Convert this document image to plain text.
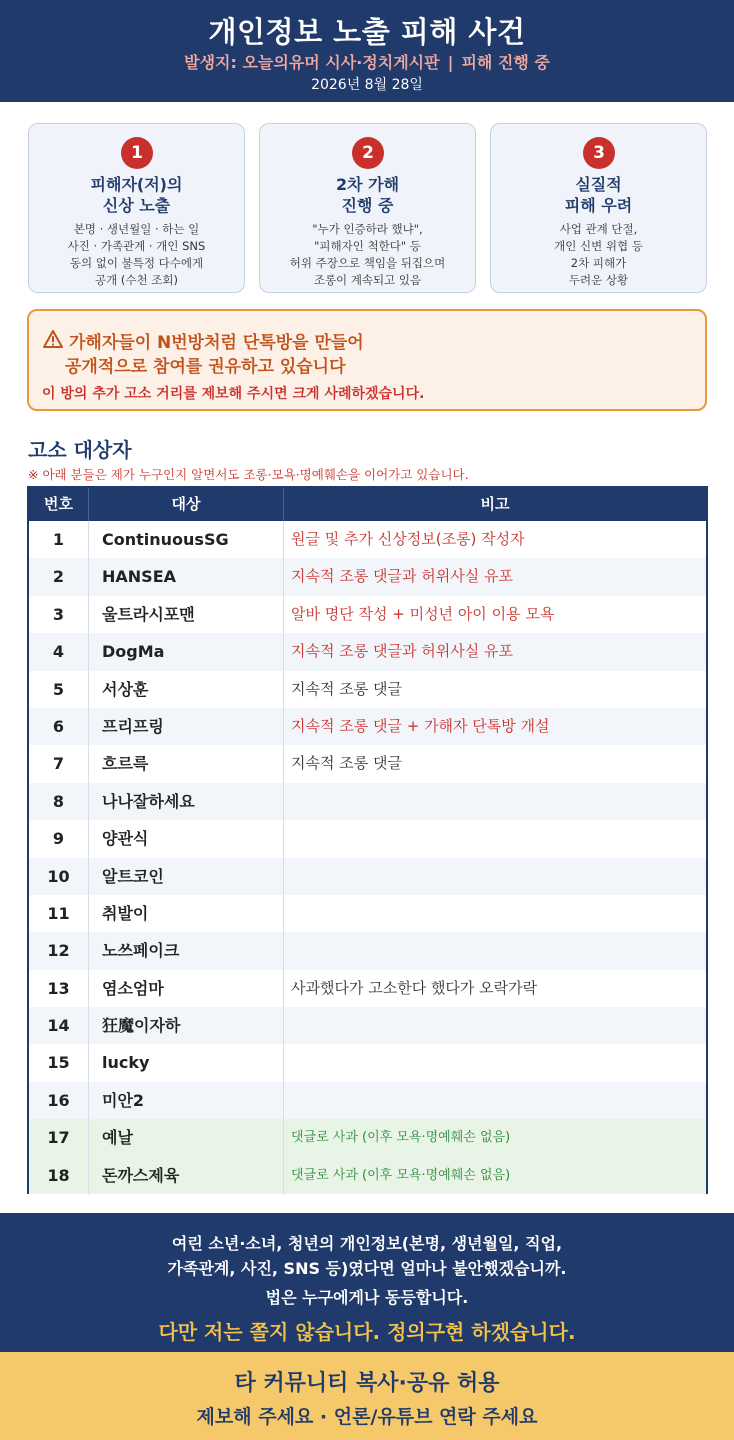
개인정보 노출 피해 사건
발생지: 오늘의유머 시사·정치게시판 | 피해 진행 중
2026년 8월 28일
1
피해자(저)의
신상 노출
본명 · 생년월일 · 하는 일
사진 · 가족관계 · 개인 SNS
동의 없이 불특정 다수에게
공개 (수천 조회)
2
2차 가해
진행 중
"누가 인증하라 했냐",
"피해자인 척한다" 등
허위 주장으로 책임을 뒤집으며
조롱이 계속되고 있음
3
실질적
피해 우려
사업 관계 단절,
개인 신변 위협 등
2차 피해가
두려운 상황
가해자들이 N번방처럼 단톡방을 만들어
공개적으로 참여를 권유하고 있습니다
이 방의 추가 고소 거리를 제보해 주시면 크게 사례하겠습니다.
고소 대상자
※ 아래 분들은 제가 누구인지 알면서도 조롱·모욕·명예훼손을 이어가고 있습니다.
번호	대상	비고
1	ContinuousSG	원글 및 추가 신상정보(조롱) 작성자
2	HANSEA	지속적 조롱 댓글과 허위사실 유포
3	울트라시포맨	알바 명단 작성 + 미성년 아이 이용 모욕
4	DogMa	지속적 조롱 댓글과 허위사실 유포
5	서상훈	지속적 조롱 댓글
6	프리프링	지속적 조롱 댓글 + 가해자 단톡방 개설
7	흐르륵	지속적 조롱 댓글
8	나나잘하세요
9	양관식
10	알트코인
11	취발이
12	노쓰페이크
13	염소엄마	사과했다가 고소한다 했다가 오락가락
14	狂魔이자하
15	lucky
16	미안2
17	예날	댓글로 사과 (이후 모욕·명예훼손 없음)
18	돈까스제육	댓글로 사과 (이후 모욕·명예훼손 없음)
여린 소년·소녀, 청년의 개인정보(본명, 생년월일, 직업,
가족관계, 사진, SNS 등)였다면 얼마나 불안했겠습니까.
법은 누구에게나 동등합니다.
다만 저는 쫄지 않습니다. 정의구현 하겠습니다.
타 커뮤니티 복사·공유 허용
제보해 주세요 · 언론/유튜브 연락 주세요
